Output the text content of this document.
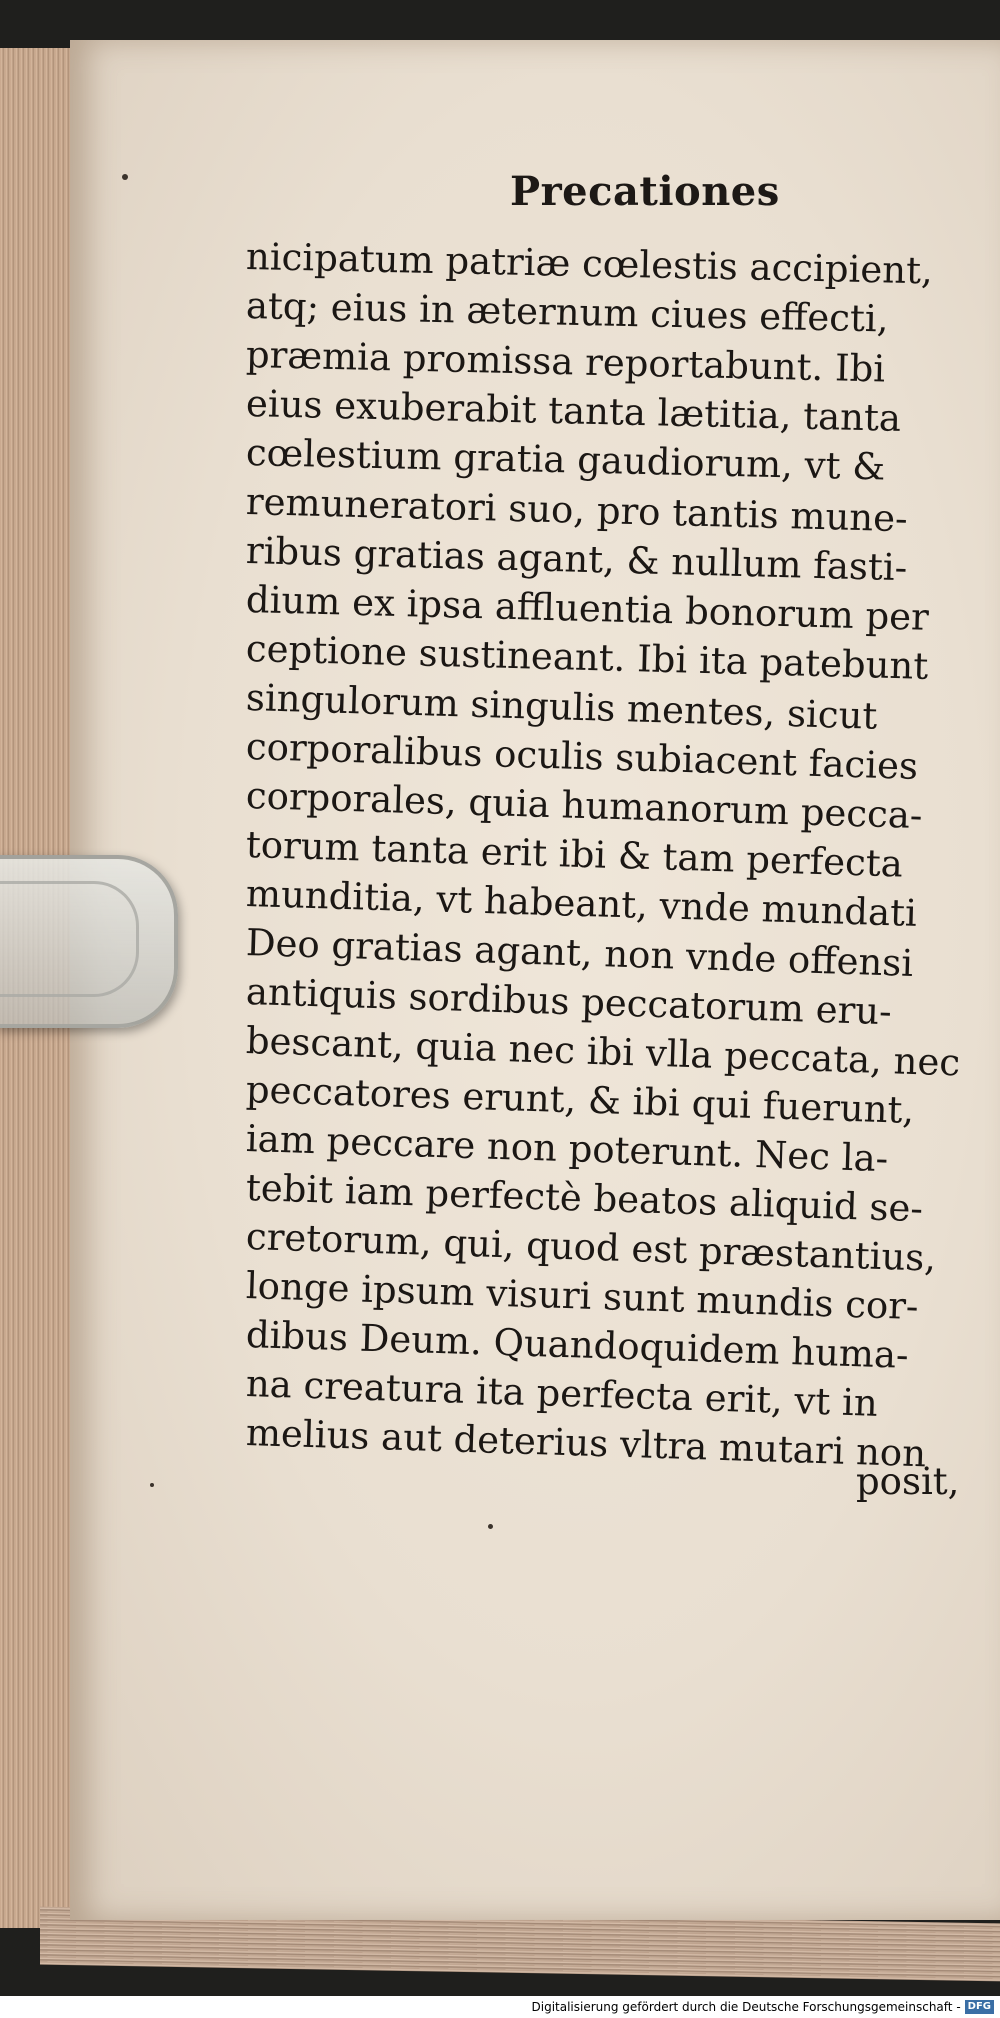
Precationes
nicipatum patriæ cœlestis accipient,
atq; eius in æternum ciues effecti,
præmia promissa reportabunt. Ibi
eius exuberabit tanta lætitia, tanta
cœlestium gratia gaudiorum, vt &
remuneratori suo, pro tantis mune-
ribus gratias agant, & nullum fasti-
dium ex ipsa affluentia bonorum per
ceptione sustineant. Ibi ita patebunt
singulorum singulis mentes, sicut
corporalibus oculis subiacent facies
corporales, quia humanorum pecca-
torum tanta erit ibi & tam perfecta
munditia, vt habeant, vnde mundati
Deo gratias agant, non vnde offensi
antiquis sordibus peccatorum eru-
bescant, quia nec ibi vlla peccata, nec
peccatores erunt, & ibi qui fuerunt,
iam peccare non poterunt. Nec la-
tebit iam perfectè beatos aliquid se-
cretorum, qui, quod est præstantius,
longe ipsum visuri sunt mundis cor-
dibus Deum. Quandoquidem huma-
na creatura ita perfecta erit, vt in
melius aut deterius vltra mutari non
posit,
Digitalisierung gefördert durch die Deutsche Forschungsgemeinschaft - DFG
